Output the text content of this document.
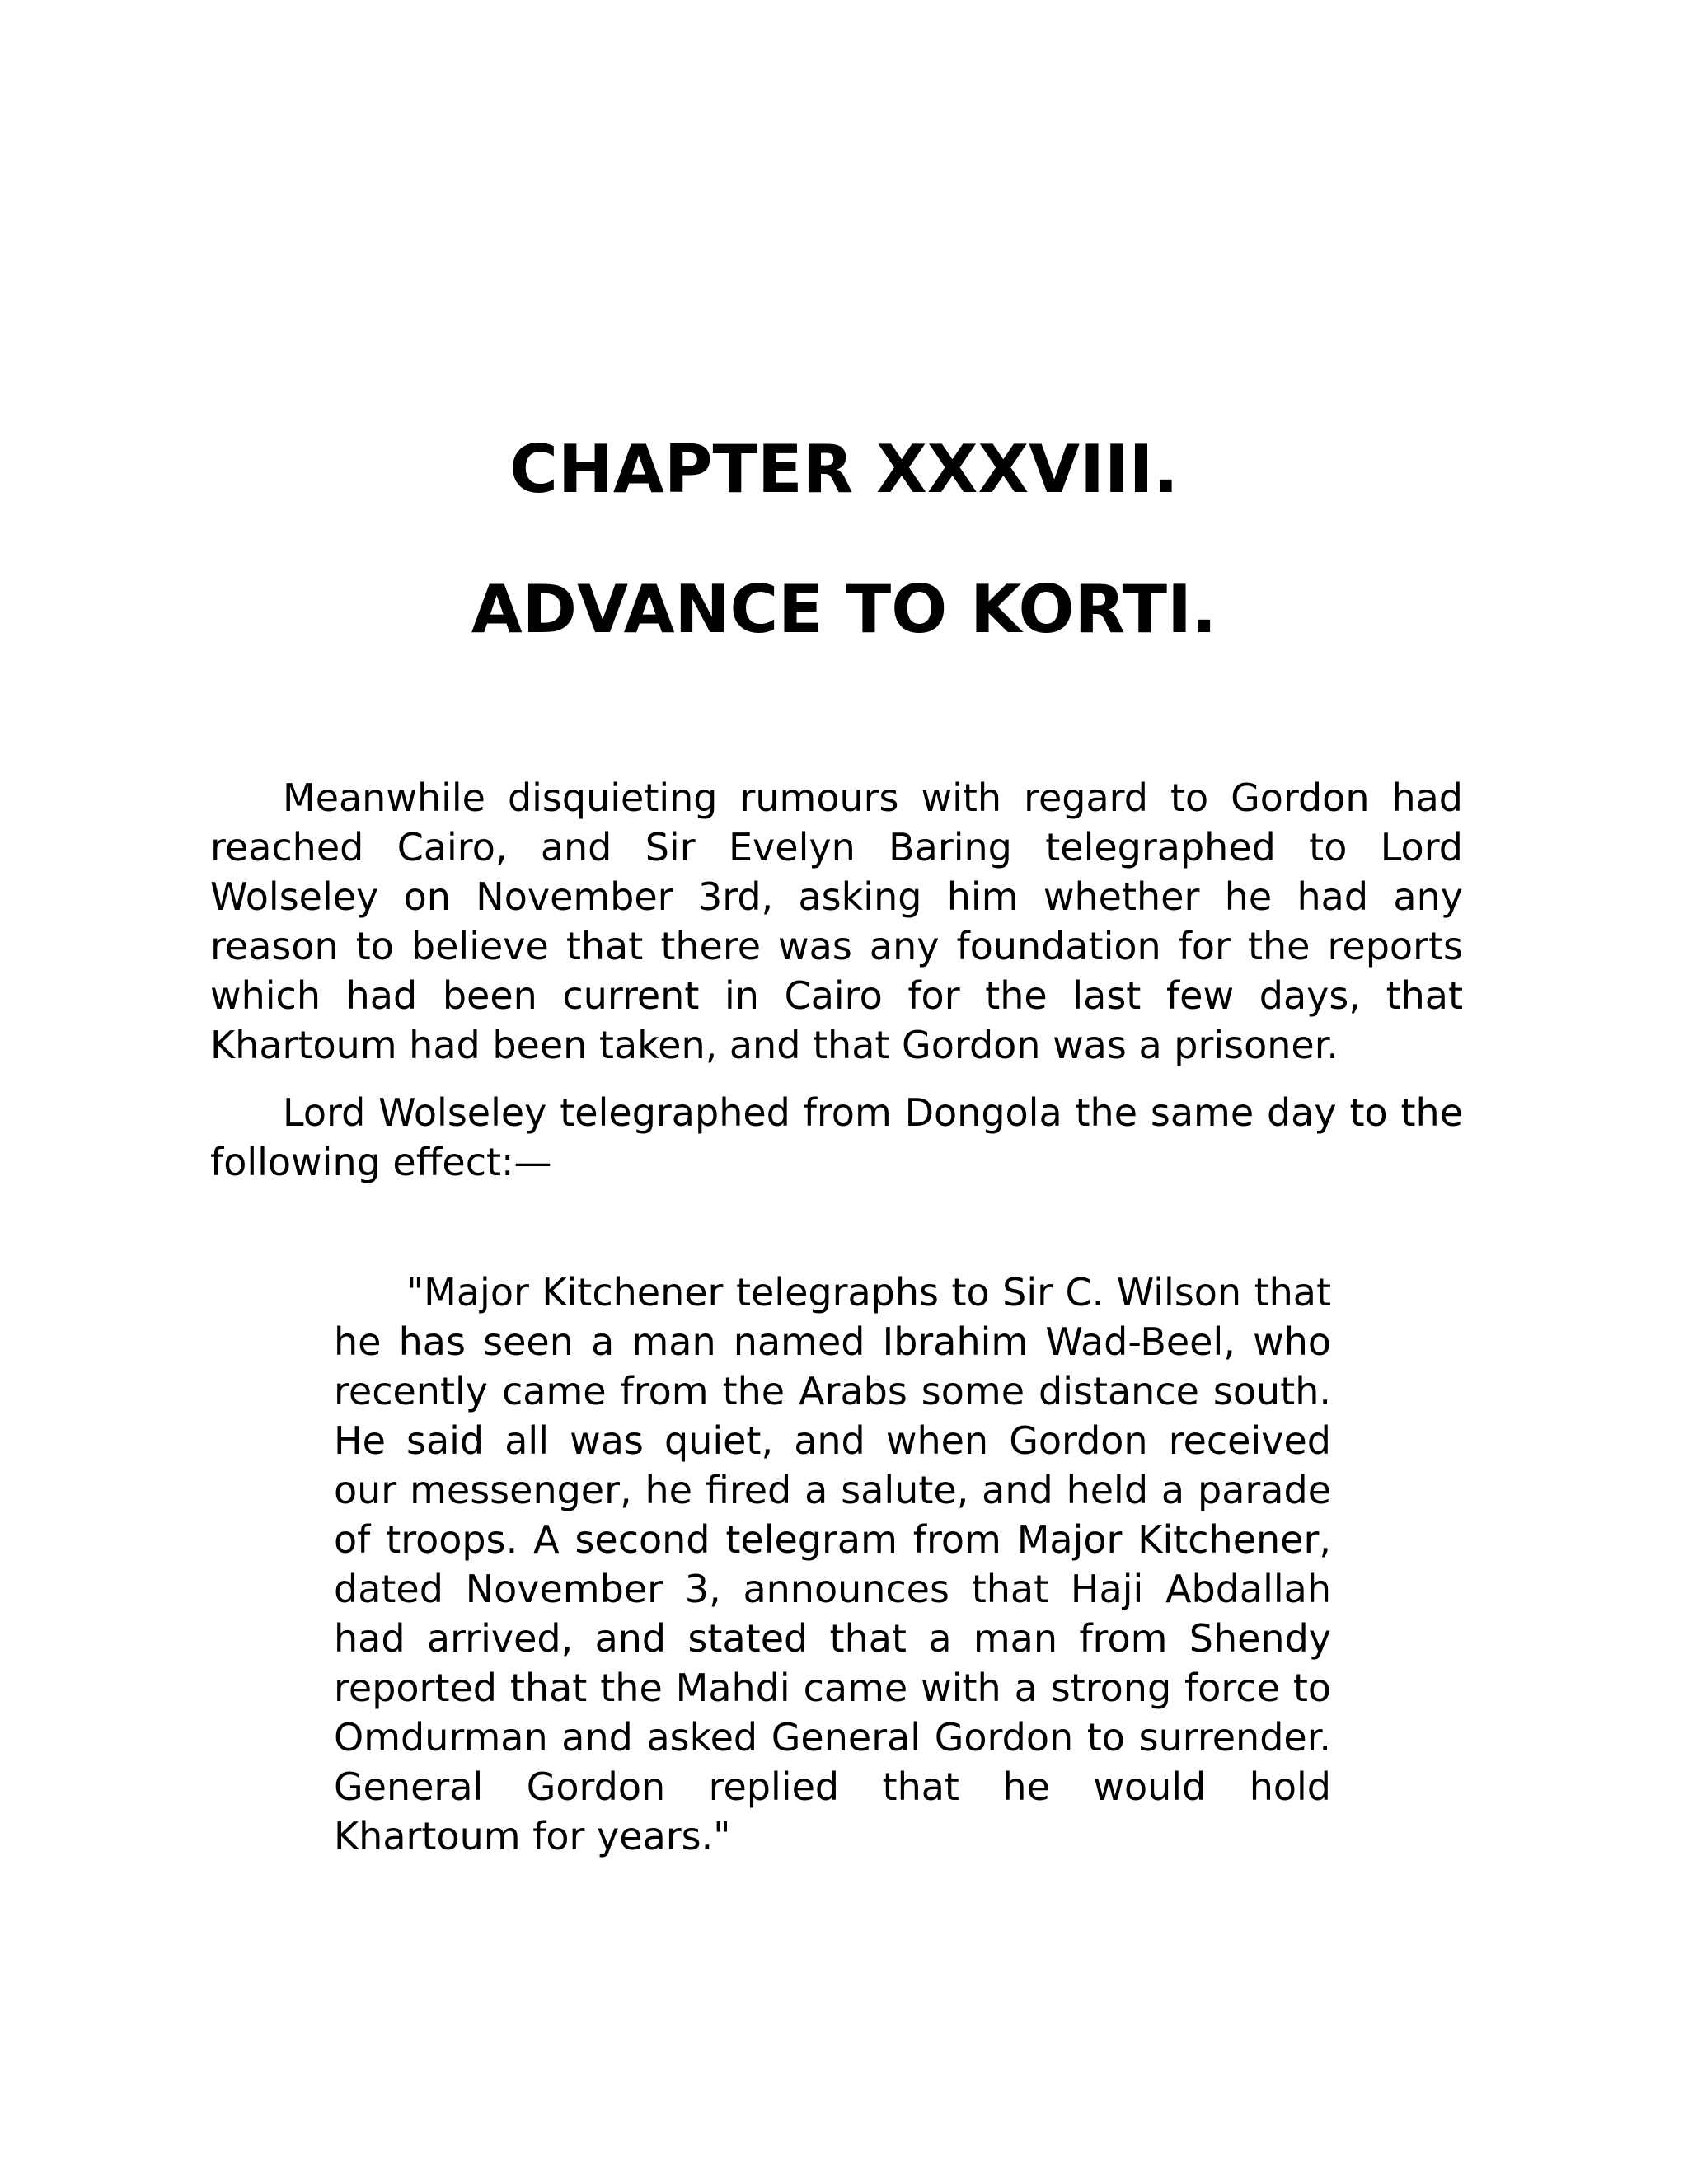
CHAPTER XXXVIII.
ADVANCE TO KORTI.

Meanwhile disquieting rumours with regard to Gordon had reached Cairo, and Sir Evelyn Baring telegraphed to Lord Wolseley on November 3rd, asking him whether he had any reason to believe that there was any foundation for the reports which had been current in Cairo for the last few days, that Khartoum had been taken, and that Gordon was a prisoner.

Lord Wolseley telegraphed from Dongola the same day to the following effect:—

"Major Kitchener telegraphs to Sir C. Wilson that he has seen a man named Ibrahim Wad-Beel, who recently came from the Arabs some distance south. He said all was quiet, and when Gordon received our messenger, he fired a salute, and held a parade of troops. A second telegram from Major Kitchener, dated November 3, announces that Haji Abdallah had arrived, and stated that a man from Shendy reported that the Mahdi came with a strong force to Omdurman and asked General Gordon to surrender. General Gordon replied that he would hold Khartoum for years."
